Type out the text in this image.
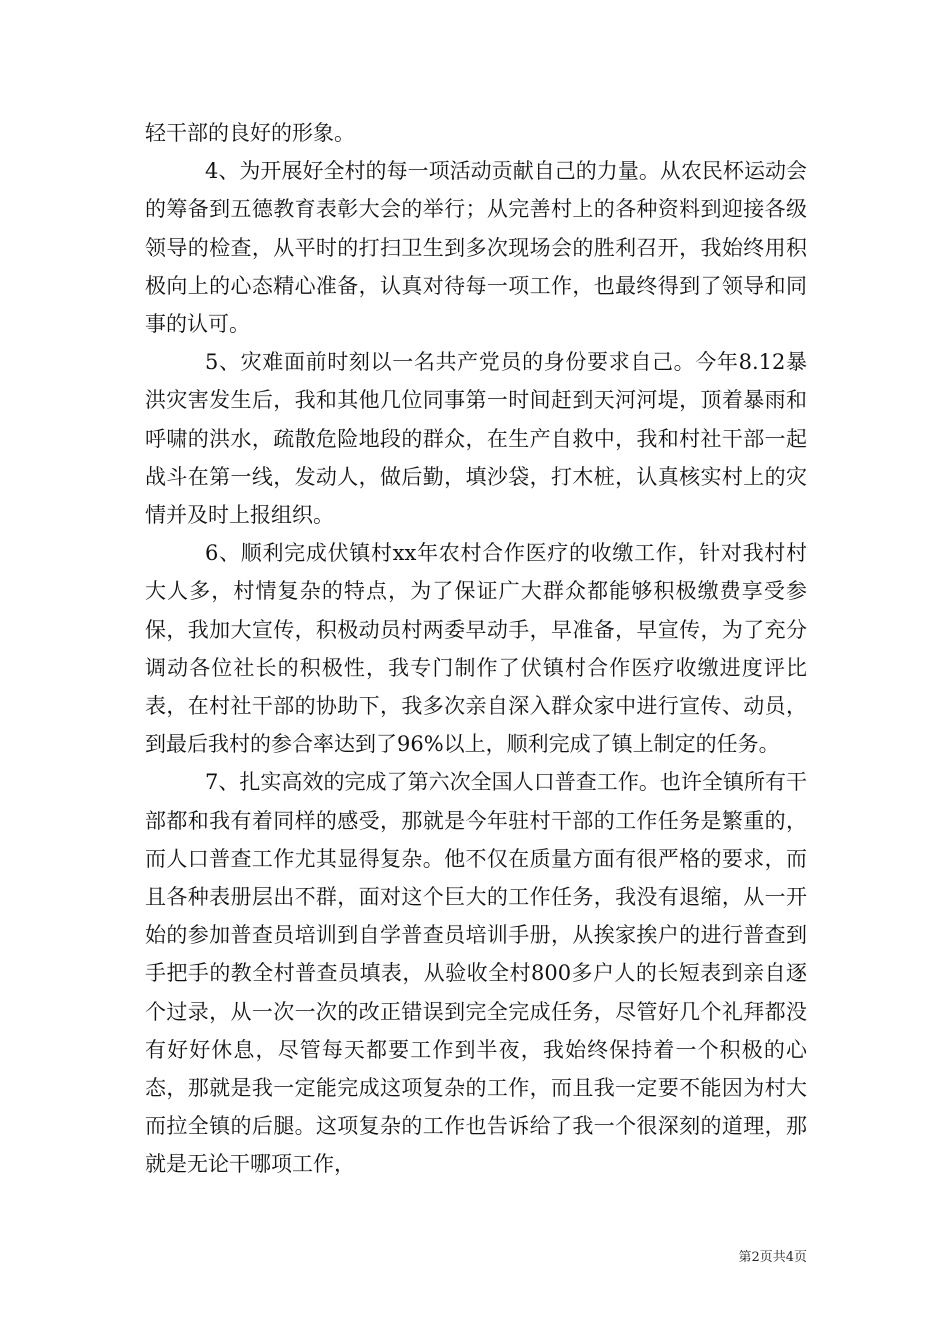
轻干部的良好的形象。

4、为开展好全村的每一项活动贡献自己的力量。从农民杯运动会的筹备到五德教育表彰大会的举行；从完善村上的各种资料到迎接各级领导的检查，从平时的打扫卫生到多次现场会的胜利召开，我始终用积极向上的心态精心准备，认真对待每一项工作，也最终得到了领导和同事的认可。

5、灾难面前时刻以一名共产党员的身份要求自己。今年8.12暴洪灾害发生后，我和其他几位同事第一时间赶到天河河堤，顶着暴雨和呼啸的洪水，疏散危险地段的群众，在生产自救中，我和村社干部一起战斗在第一线，发动人，做后勤，填沙袋，打木桩，认真核实村上的灾情并及时上报组织。

6、顺利完成伏镇村xx年农村合作医疗的收缴工作，针对我村村大人多，村情复杂的特点，为了保证广大群众都能够积极缴费享受参保，我加大宣传，积极动员村两委早动手，早准备，早宣传，为了充分调动各位社长的积极性，我专门制作了伏镇村合作医疗收缴进度评比表，在村社干部的协助下，我多次亲自深入群众家中进行宣传、动员，到最后我村的参合率达到了96%以上，顺利完成了镇上制定的任务。

7、扎实高效的完成了第六次全国人口普查工作。也许全镇所有干部都和我有着同样的感受，那就是今年驻村干部的工作任务是繁重的，而人口普查工作尤其显得复杂。他不仅在质量方面有很严格的要求，而且各种表册层出不群，面对这个巨大的工作任务，我没有退缩，从一开始的参加普查员培训到自学普查员培训手册，从挨家挨户的进行普查到手把手的教全村普查员填表，从验收全村800多户人的长短表到亲自逐个过录，从一次一次的改正错误到完全完成任务，尽管好几个礼拜都没有好好休息，尽管每天都要工作到半夜，我始终保持着一个积极的心态，那就是我一定能完成这项复杂的工作，而且我一定要不能因为村大而拉全镇的后腿。这项复杂的工作也告诉给了我一个很深刻的道理，那就是无论干哪项工作，

第2页共4页
